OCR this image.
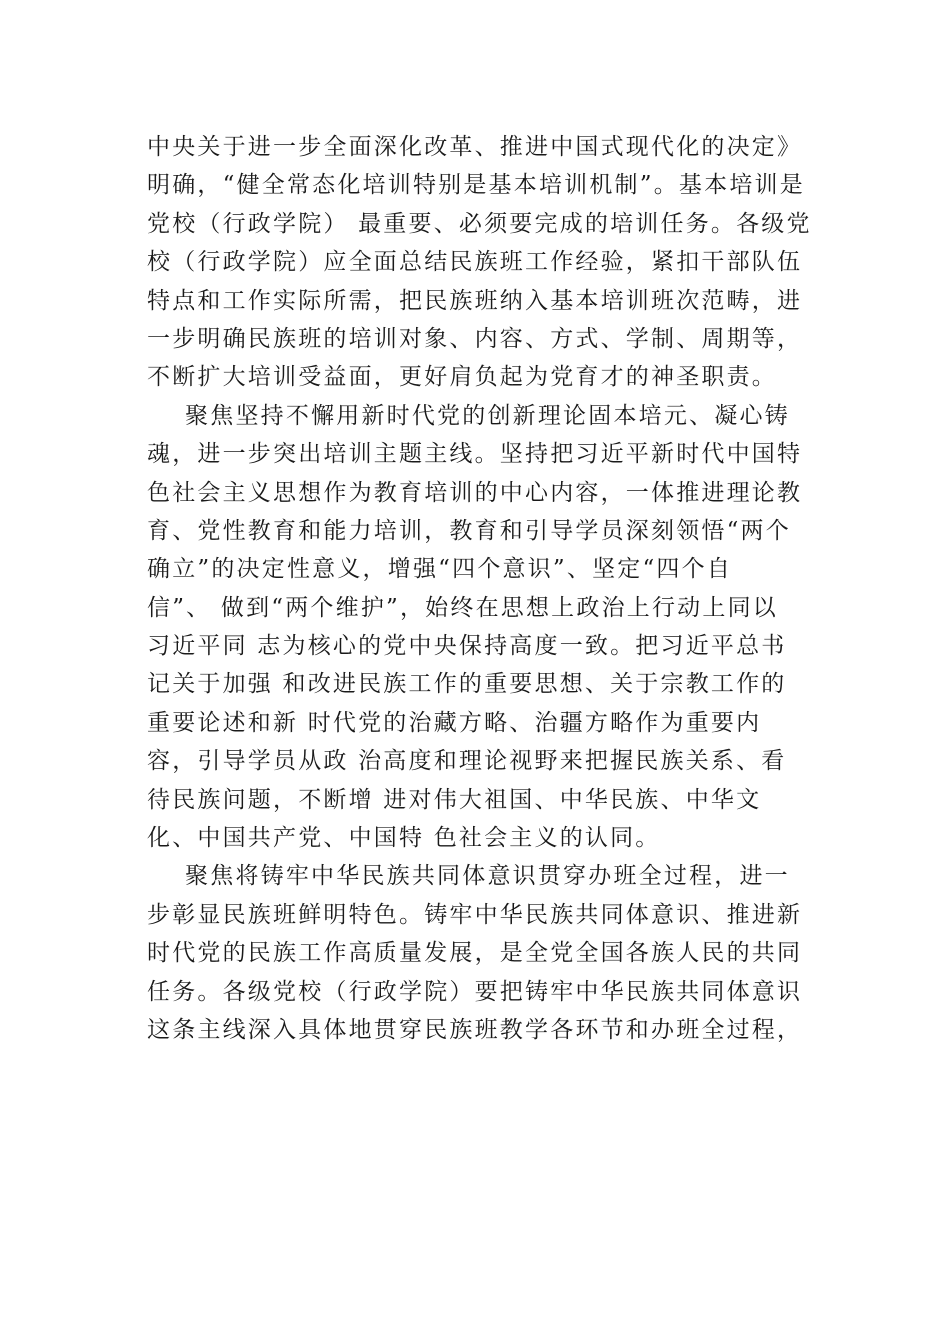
中央关于进一步全面深化改革、推进中国式现代化的决定》
明确，“健全常态化培训特别是基本培训机制”。基本培训是
党校（行政学院） 最重要、必须要完成的培训任务。各级党
校（行政学院）应全面总结民族班工作经验，紧扣干部队伍
特点和工作实际所需，把民族班纳入基本培训班次范畴，进
一步明确民族班的培训对象、内容、方式、学制、周期等，
不断扩大培训受益面，更好肩负起为党育才的神圣职责。
聚焦坚持不懈用新时代党的创新理论固本培元、凝心铸
魂，进一步突出培训主题主线。坚持把习近平新时代中国特
色社会主义思想作为教育培训的中心内容，一体推进理论教
育、党性教育和能力培训，教育和引导学员深刻领悟“两个
确立”的决定性意义，增强“四个意识”、坚定“四个自
信”、 做到“两个维护”，始终在思想上政治上行动上同以
习近平同 志为核心的党中央保持高度一致。把习近平总书
记关于加强 和改进民族工作的重要思想、关于宗教工作的
重要论述和新 时代党的治藏方略、治疆方略作为重要内
容，引导学员从政 治高度和理论视野来把握民族关系、看
待民族问题，不断增 进对伟大祖国、中华民族、中华文
化、中国共产党、中国特 色社会主义的认同。
聚焦将铸牢中华民族共同体意识贯穿办班全过程，进一
步彰显民族班鲜明特色。铸牢中华民族共同体意识、推进新
时代党的民族工作高质量发展，是全党全国各族人民的共同
任务。各级党校（行政学院）要把铸牢中华民族共同体意识
这条主线深入具体地贯穿民族班教学各环节和办班全过程，
